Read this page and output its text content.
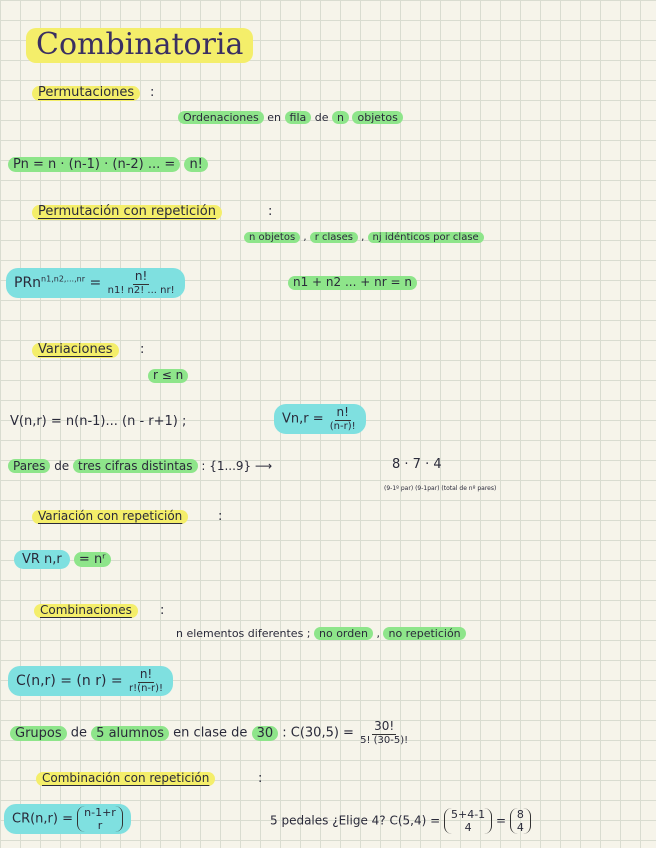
Combinatoria
Permutaciones	:
Ordenaciones en fila de n objetos
Pn = n · (n-1) · (n-2) ... = n!
Permutación con repetición	:
n objetos , r clases , nj idénticos por clase
$PRn^{n1,n2,...,nr} = \frac{n!}{n1! n2! ... nr!}$	n1 + n2 ... + nr = n
Variaciones	:
r ≤ n
V(n,r) = n(n-1)... (n - r+1) ;	$Vn,r = \frac{n!}{(n-r)!}$
Pares de tres cifras distintas : {1...9} ⟶	8 · 7 · 4
(9-1º par) (9-1par) (total de nº pares)
Variación con repetición	:
VR n,r = nʳ
Combinaciones	:
n elementos diferentes ; no orden , no repetición
C(n,r) = (n $r) = \frac{n!}{r!(n-r)!}$
Grupos de 5 alumnos en clase de 30 : $C(30,5) = \frac{30!}{5! (30-5)!}$
Combinación con repetición	:
CR(n,r) = n-1+r
r	5 pedales ¿Elige 4? C(5,4) = 5+4-1
4 = 8
4
